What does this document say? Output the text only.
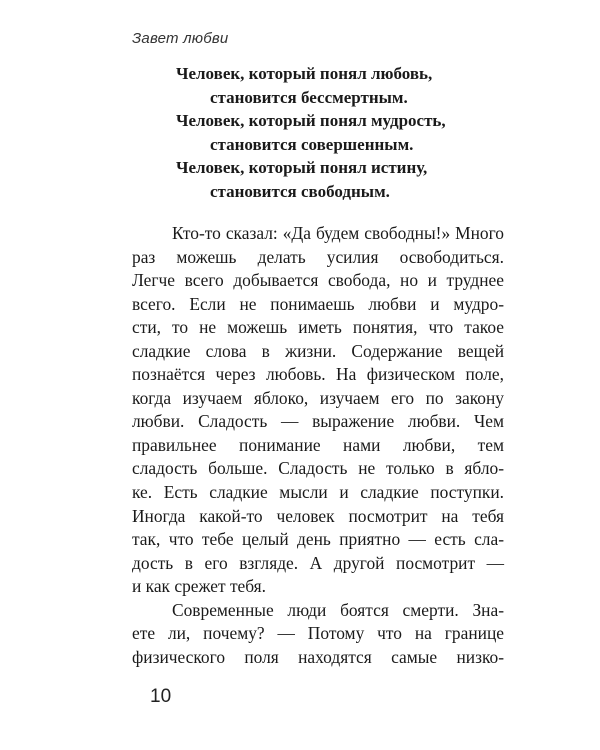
Завет любви
Человек, который понял любовь,
становится бессмертным.
Человек, который понял мудрость,
становится совершенным.
Человек, который понял истину,
становится свободным.

Кто-то сказал: «Да будем свободны!» Много
раз можешь делать усилия освободиться.
Легче всего добывается свобода, но и труднее
всего. Если не понимаешь любви и мудро-
сти, то не можешь иметь понятия, что такое
сладкие слова в жизни. Содержание вещей
познаётся через любовь. На физическом поле,
когда изучаем яблоко, изучаем его по закону
любви. Сладость — выражение любви. Чем
правильнее понимание нами любви, тем
сладость больше. Сладость не только в ябло-
ке. Есть сладкие мысли и сладкие поступки.
Иногда какой-то человек посмотрит на тебя
так, что тебе целый день приятно — есть сла-
дость в его взгляде. А другой посмотрит —
и как срежет тебя.

Современные люди боятся смерти. Зна-
ете ли, почему? — Потому что на границе
физического поля находятся самые низко-

10
